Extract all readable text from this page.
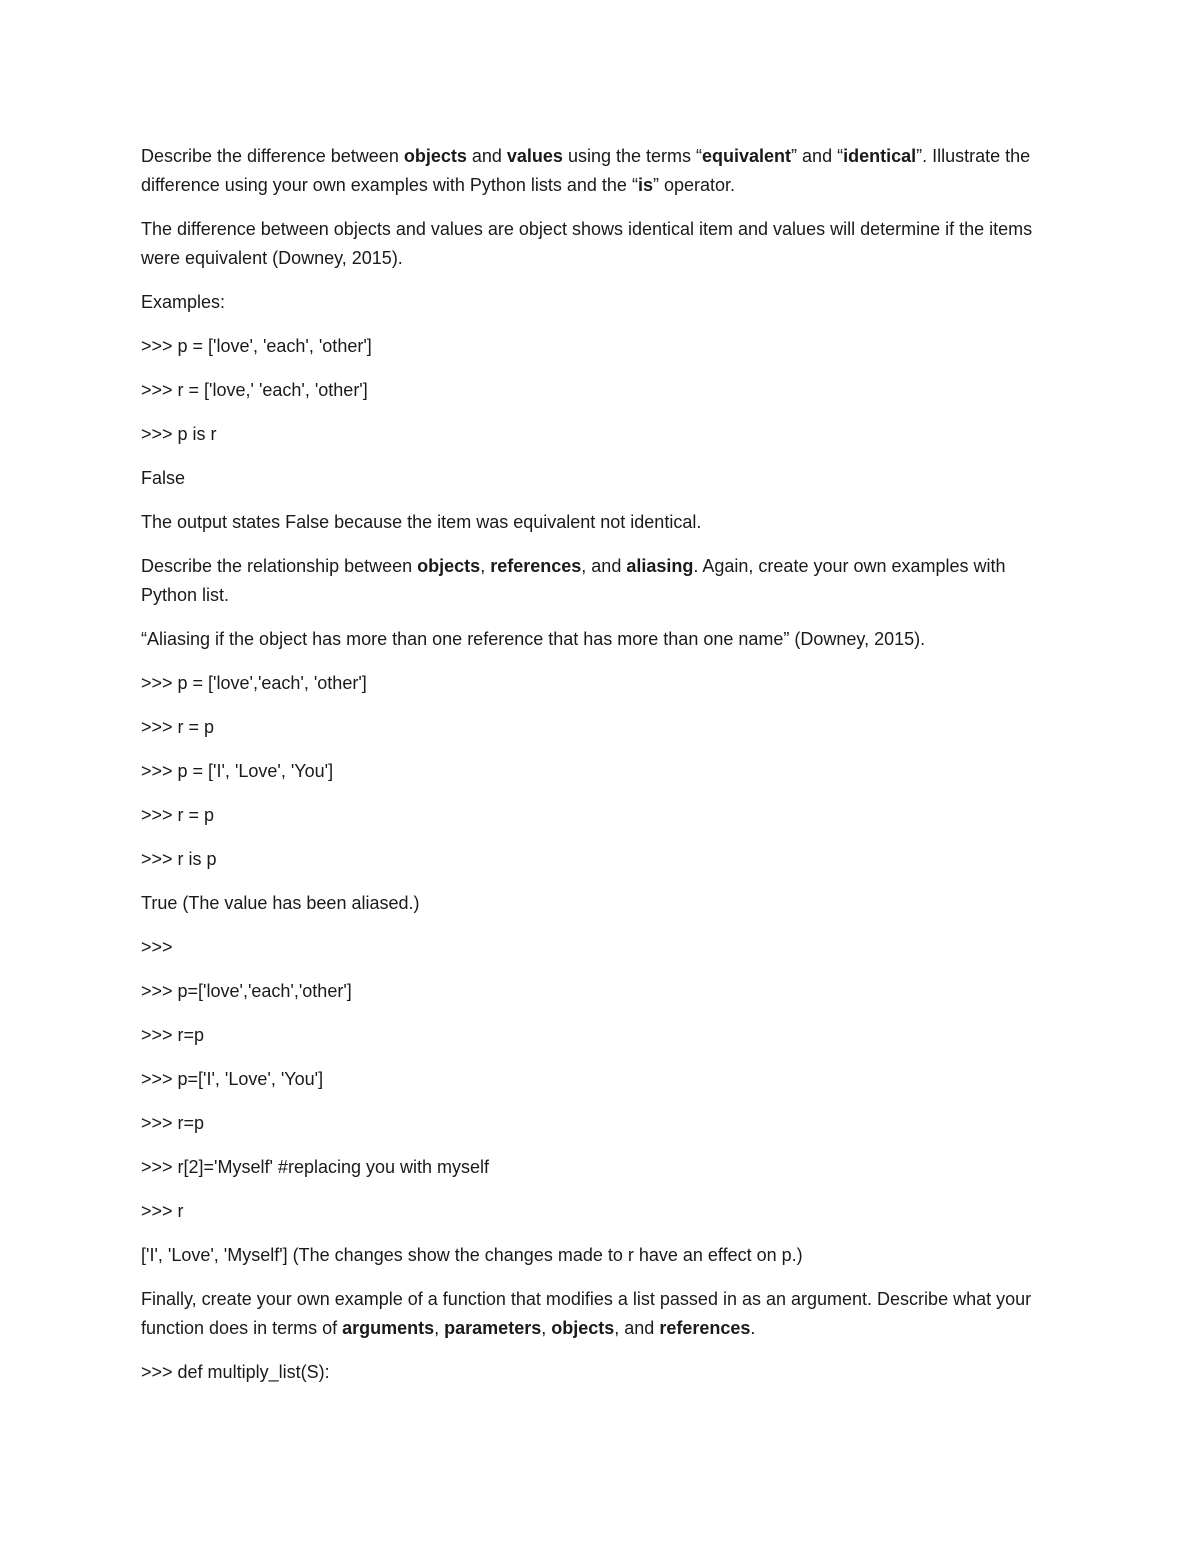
Describe the difference between objects and values using the terms “equivalent” and “identical”. Illustrate the difference using your own examples with Python lists and the “is” operator.

The difference between objects and values are object shows identical item and values will determine if the items were equivalent (Downey, 2015).

Examples:

>>> p = ['love', 'each', 'other']

>>> r = ['love,' 'each', 'other']

>>> p is r

False

The output states False because the item was equivalent not identical.

Describe the relationship between objects, references, and aliasing. Again, create your own examples with Python list.

“Aliasing if the object has more than one reference that has more than one name” (Downey, 2015).

>>> p = ['love','each', 'other']

>>> r = p

>>> p = ['I', 'Love', 'You']

>>> r = p

>>> r is p

True (The value has been aliased.)

>>>

>>> p=['love','each','other']

>>> r=p

>>> p=['I', 'Love', 'You']

>>> r=p

>>> r[2]='Myself' #replacing you with myself

>>> r

['I', 'Love', 'Myself'] (The changes show the changes made to r have an effect on p.)

Finally, create your own example of a function that modifies a list passed in as an argument. Describe what your function does in terms of arguments, parameters, objects, and references.

>>> def multiply_list(S):
